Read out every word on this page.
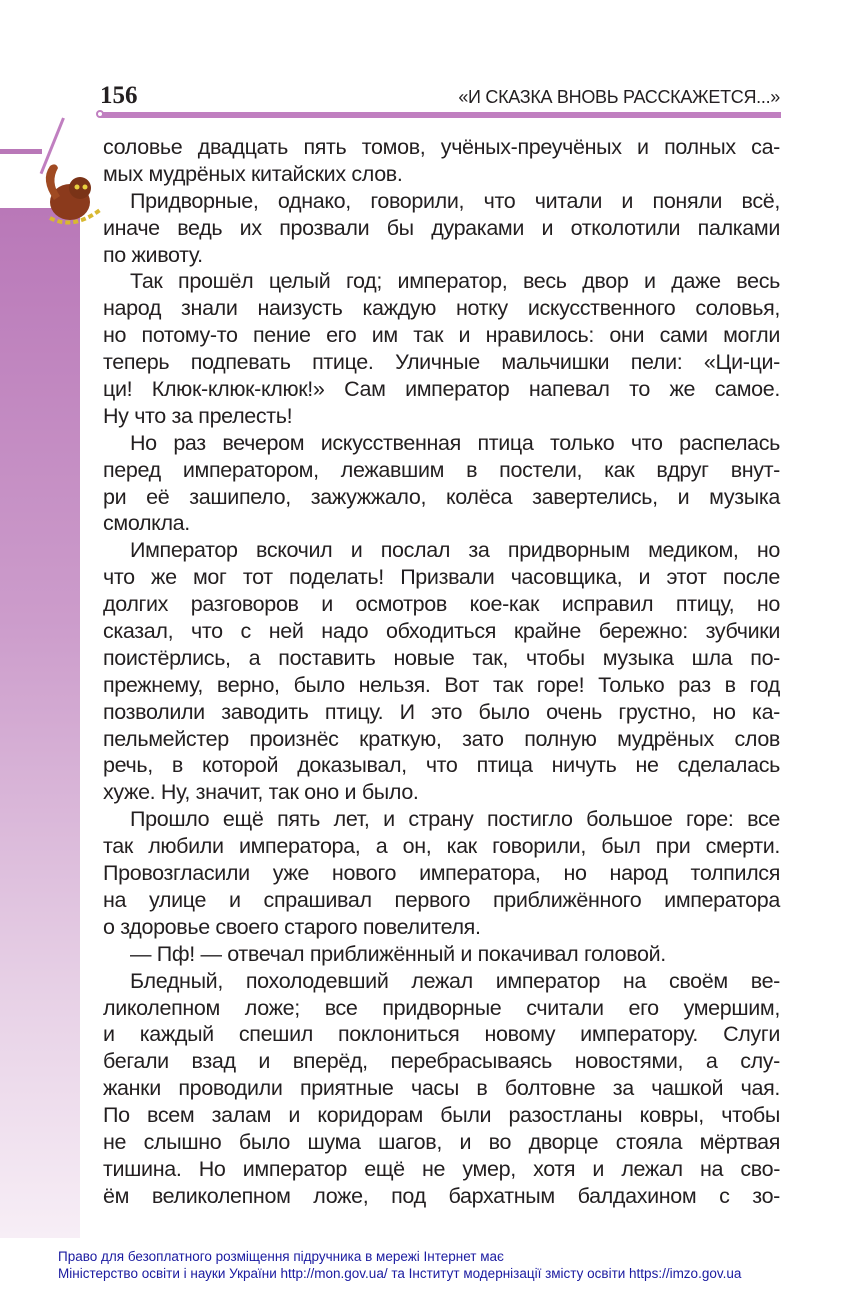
156	«И СКАЗКА ВНОВЬ РАССКАЖЕТСЯ...»
соловье двадцать пять томов, учёных-преучёных и полных са-
мых мудрёных китайских слов.
Придворные, однако, говорили, что читали и поняли всё,
иначе ведь их прозвали бы дураками и отколотили палками
по животу.
Так прошёл целый год; император, весь двор и даже весь
народ знали наизусть каждую нотку искусственного соловья,
но потому-то пение его им так и нравилось: они сами могли
теперь подпевать птице. Уличные мальчишки пели: «Ци-ци-
ци! Клюк-клюк-клюк!» Сам император напевал то же самое.
Ну что за прелесть!
Но раз вечером искусственная птица только что распелась
перед императором, лежавшим в постели, как вдруг внут-
ри её зашипело, зажужжало, колёса завертелись, и музыка
смолкла.
Император вскочил и послал за придворным медиком, но
что же мог тот поделать! Призвали часовщика, и этот после
долгих разговоров и осмотров кое-как исправил птицу, но
сказал, что с ней надо обходиться крайне бережно: зубчики
поистёрлись, а поставить новые так, чтобы музыка шла по-
прежнему, верно, было нельзя. Вот так горе! Только раз в год
позволили заводить птицу. И это было очень грустно, но ка-
пельмейстер произнёс краткую, зато полную мудрёных слов
речь, в которой доказывал, что птица ничуть не сделалась
хуже. Ну, значит, так оно и было.
Прошло ещё пять лет, и страну постигло большое горе: все
так любили императора, а он, как говорили, был при смерти.
Провозгласили уже нового императора, но народ толпился
на улице и спрашивал первого приближённого императора
о здоровье своего старого повелителя.
— Пф! — отвечал приближённый и покачивал головой.
Бледный, похолодевший лежал император на своём ве-
ликолепном ложе; все придворные считали его умершим,
и каждый спешил поклониться новому императору. Слуги
бегали взад и вперёд, перебрасываясь новостями, а слу-
жанки проводили приятные часы в болтовне за чашкой чая.
По всем залам и коридорам были разостланы ковры, чтобы
не слышно было шума шагов, и во дворце стояла мёртвая
тишина. Но император ещё не умер, хотя и лежал на сво-
ём великолепном ложе, под бархатным балдахином с зо-
Право для безоплатного розміщення підручника в мережі Інтернет має
Міністерство освіти і науки України http://mon.gov.ua/ та Інститут модернізації змісту освіти https://imzo.gov.ua
